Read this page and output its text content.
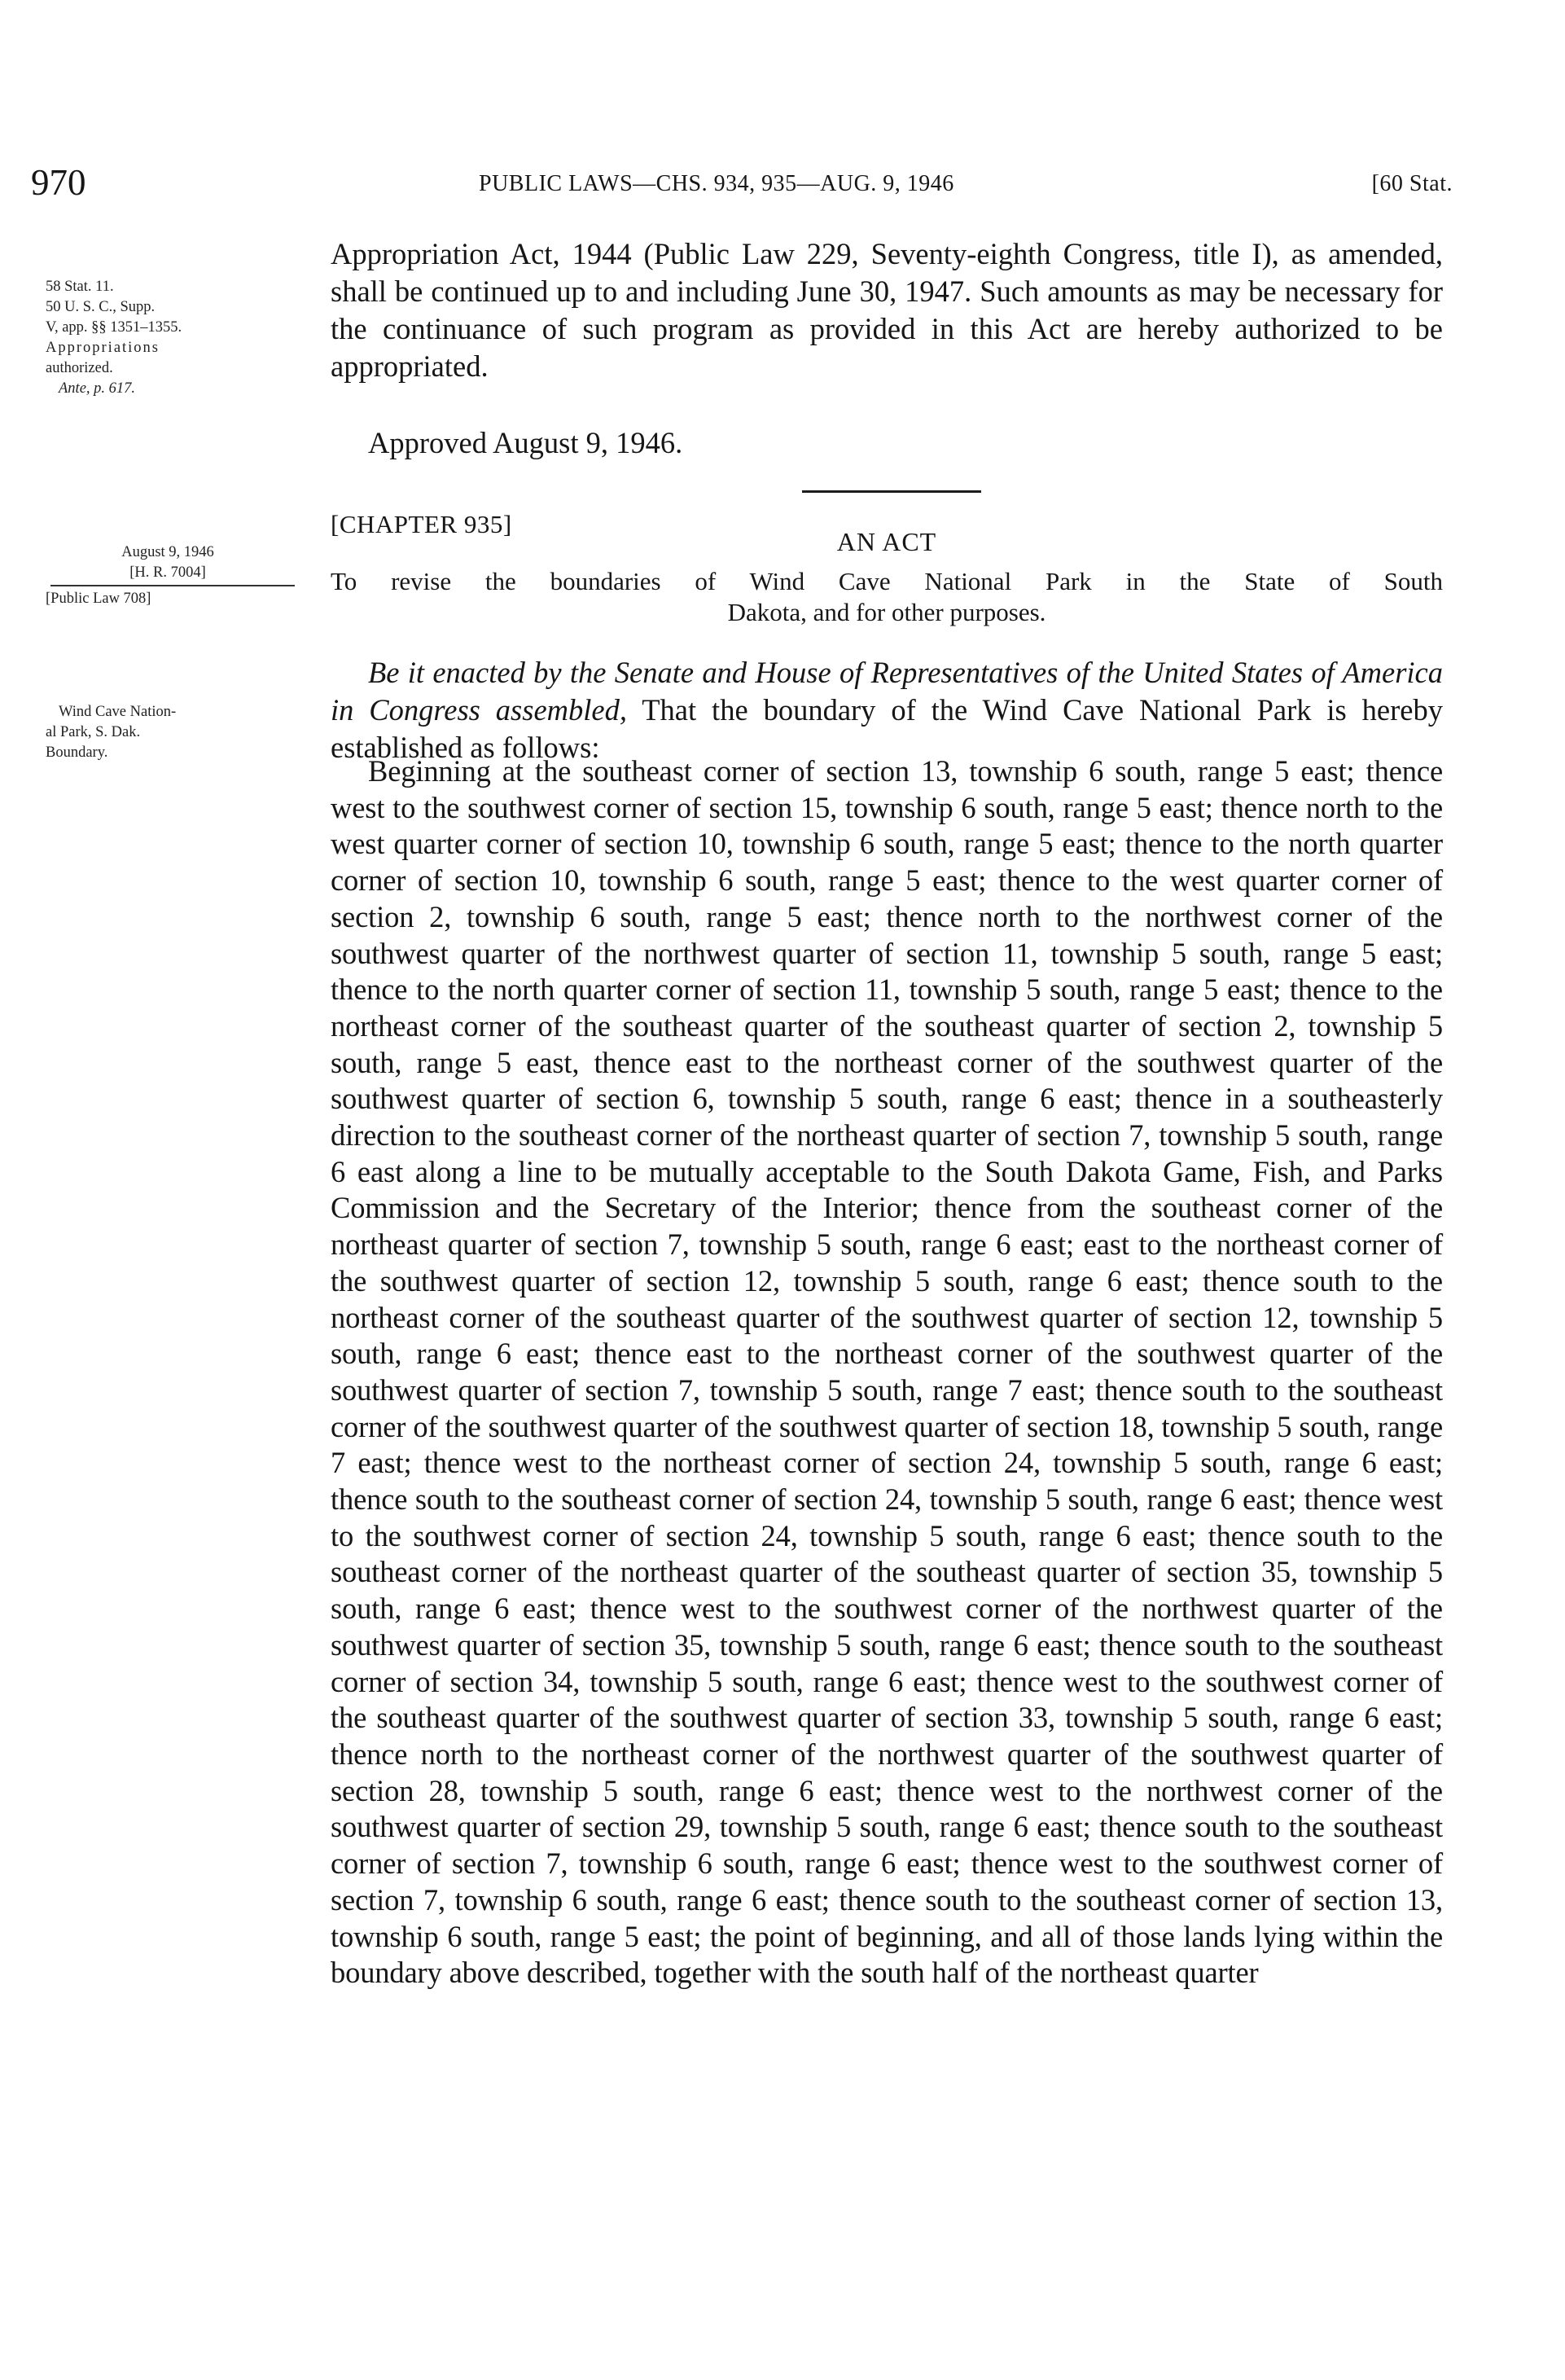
970	PUBLIC LAWS—CHS. 934, 935—AUG. 9, 1946	[60 Stat.
58 Stat. 11.
50 U. S. C., Supp.
V, app. §§ 1351–1355.
Appropriations
authorized.
Ante, p. 617.
August 9, 1946
[H. R. 7004]
[Public Law 708]
Wind Cave Nation-
al Park, S. Dak.
Boundary.

Appropriation Act, 1944 (Public Law 229, Seventy-eighth Congress, title I), as amended, shall be continued up to and including June 30, 1947. Such amounts as may be necessary for the continuance of such program as provided in this Act are hereby authorized to be appropriated.

Approved August 9, 1946.

[CHAPTER 935]
AN ACT
To revise the boundaries of Wind Cave National Park in the State of South
Dakota, and for other purposes.

Be it enacted by the Senate and House of Representatives of the United States of America in Congress assembled, That the boundary of the Wind Cave National Park is hereby established as follows:

Beginning at the southeast corner of section 13, township 6 south, range 5 east; thence west to the southwest corner of section 15, township 6 south, range 5 east; thence north to the west quarter corner of section 10, township 6 south, range 5 east; thence to the north quarter corner of section 10, township 6 south, range 5 east; thence to the west quarter corner of section 2, township 6 south, range 5 east; thence north to the northwest corner of the southwest quarter of the northwest quarter of section 11, township 5 south, range 5 east; thence to the north quarter corner of section 11, township 5 south, range 5 east; thence to the northeast corner of the southeast quarter of the southeast quarter of section 2, township 5 south, range 5 east, thence east to the northeast corner of the southwest quarter of the southwest quarter of section 6, township 5 south, range 6 east; thence in a southeasterly direction to the southeast corner of the northeast quarter of section 7, township 5 south, range 6 east along a line to be mutually acceptable to the South Dakota Game, Fish, and Parks Commission and the Secretary of the Interior; thence from the southeast corner of the northeast quarter of section 7, township 5 south, range 6 east; east to the northeast corner of the southwest quarter of section 12, township 5 south, range 6 east; thence south to the northeast corner of the southeast quarter of the southwest quarter of section 12, township 5 south, range 6 east; thence east to the northeast corner of the southwest quarter of the southwest quarter of section 7, township 5 south, range 7 east; thence south to the southeast corner of the southwest quarter of the southwest quarter of section 18, township 5 south, range 7 east; thence west to the northeast corner of section 24, township 5 south, range 6 east; thence south to the southeast corner of section 24, township 5 south, range 6 east; thence west to the southwest corner of section 24, township 5 south, range 6 east; thence south to the southeast corner of the northeast quarter of the southeast quarter of section 35, township 5 south, range 6 east; thence west to the southwest corner of the northwest quarter of the southwest quarter of section 35, township 5 south, range 6 east; thence south to the southeast corner of section 34, township 5 south, range 6 east; thence west to the southwest corner of the southeast quarter of the southwest quarter of section 33, township 5 south, range 6 east; thence north to the northeast corner of the northwest quarter of the southwest quarter of section 28, township 5 south, range 6 east; thence west to the northwest corner of the southwest quarter of section 29, township 5 south, range 6 east; thence south to the southeast corner of section 7, township 6 south, range 6 east; thence west to the southwest corner of section 7, township 6 south, range 6 east; thence south to the southeast corner of section 13, township 6 south, range 5 east; the point of beginning, and all of those lands lying within the boundary above described, together with the south half of the northeast quarter
